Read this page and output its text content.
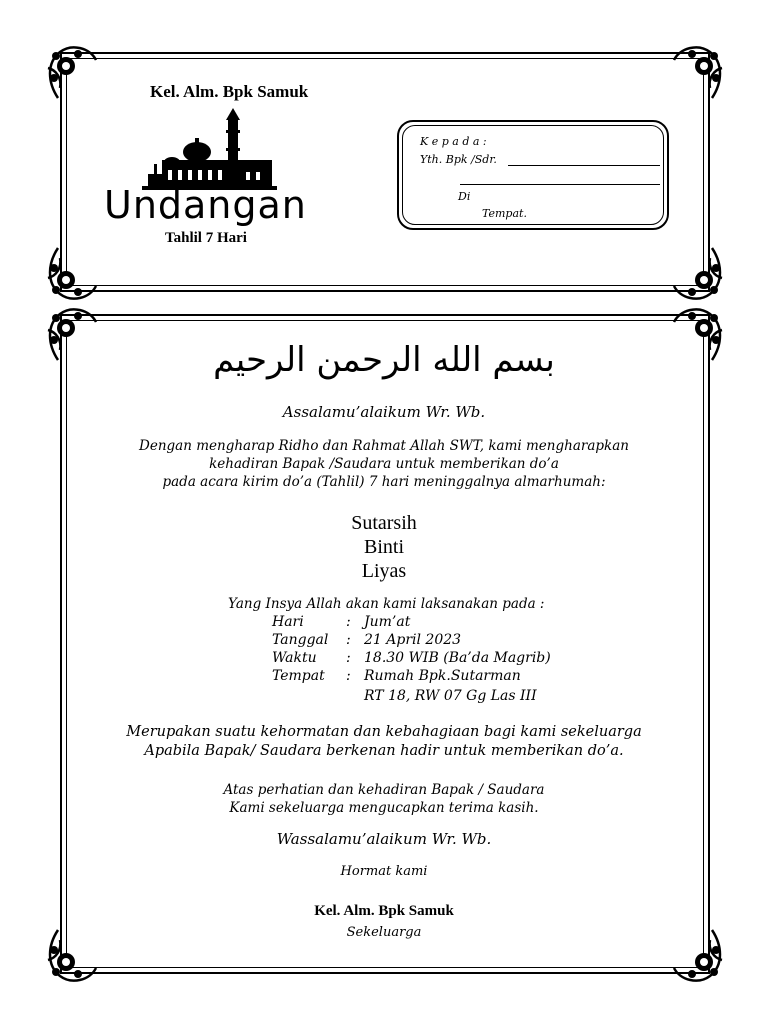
Kel. Alm. Bpk Samuk
Undangan
Tahlil 7 Hari
K e p a d a :
Yth. Bpk /Sdr.
Di
Tempat.
بسم الله الرحمن الرحيم
Assalamu’alaikum Wr. Wb.
Dengan mengharap Ridho dan Rahmat Allah SWT, kami mengharapkan
kehadiran Bapak /Saudara untuk memberikan do’a
pada acara kirim do’a (Tahlil) 7 hari meninggalnya almarhumah:
Sutarsih
Binti
Liyas
Yang Insya Allah akan kami laksanakan pada :
Hari	: Jum’at
Tanggal : 21 April 2023
Waktu : 18.30 WIB (Ba’da Magrib)
Tempat : Rumah Bpk.Sutarman
RT 18, RW 07 Gg Las III
Merupakan suatu kehormatan dan kebahagiaan bagi kami sekeluarga
Apabila Bapak/ Saudara berkenan hadir untuk memberikan do’a.
Atas perhatian dan kehadiran Bapak / Saudara
Kami sekeluarga mengucapkan terima kasih.
Wassalamu’alaikum Wr. Wb.
Hormat kami
Kel. Alm. Bpk Samuk
Sekeluarga
